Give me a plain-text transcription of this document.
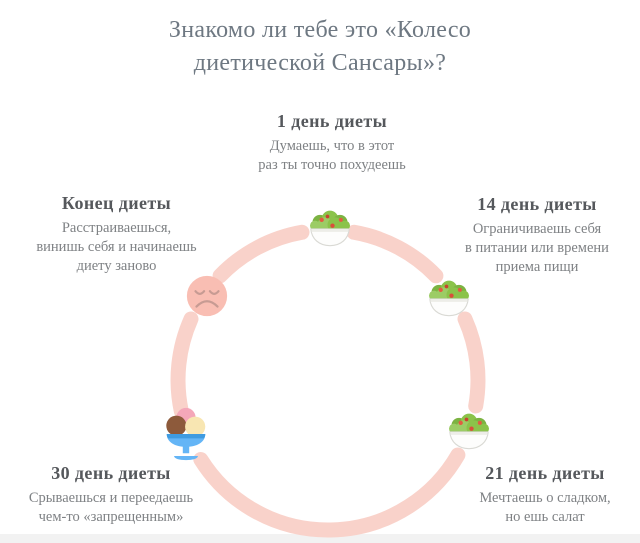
Знакомо ли тебе это «Колесо
диетической Сансары»?
1 день диеты
Думаешь, что в этот
раз ты точно похудеешь
14 день диеты
Ограничиваешь себя
в питании или времени
приема пищи
21 день диеты
Мечтаешь о сладком,
но ешь салат
30 день диеты
Срываешься и переедаешь
чем-то «запрещенным»
Конец диеты
Расстраиваешься,
винишь себя и начинаешь
диету заново
